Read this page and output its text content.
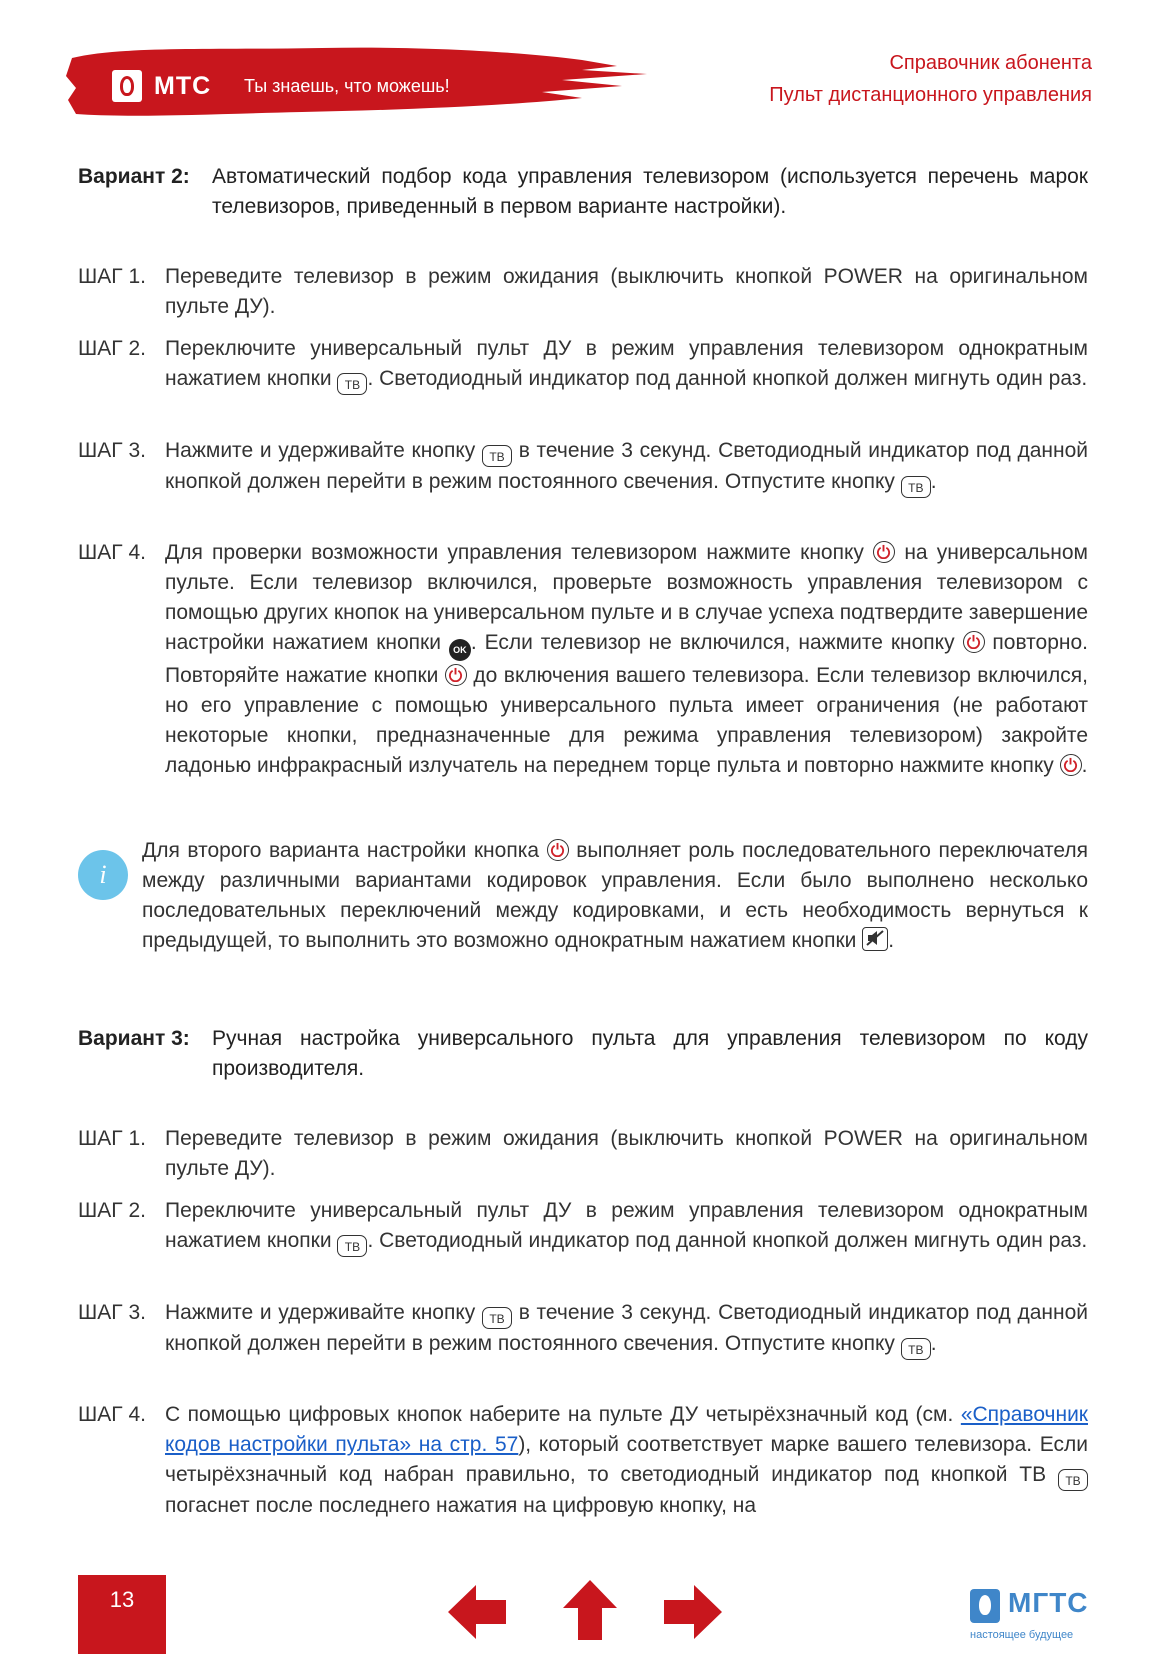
МТС Ты знаешь, что можешь!
Справочник абонента
Пульт дистанционного управления
Вариант 2: Автоматический подбор кода управления телевизором (используется перечень марок телевизоров, приведенный в первом варианте настройки).
ШАГ 1. Переведите телевизор в режим ожидания (выключить кнопкой POWER на оригинальном пульте ДУ).
ШАГ 2. Переключите универсальный пульт ДУ в режим управления телевизором однократным нажатием кнопки ТВ . Светодиодный индикатор под данной кнопкой должен мигнуть один раз.
ШАГ 3. Нажмите и удерживайте кнопку ТВ в течение 3 секунд. Светодиодный индикатор под данной кнопкой должен перейти в режим постоянного свечения. Отпустите кнопку ТВ .
ШАГ 4. Для проверки возможности управления телевизором нажмите кнопку на универсальном пульте. Если телевизор включился, проверьте возможность управления телевизором с помощью других кнопок на универсальном пульте и в случае успеха подтвердите завершение настройки нажатием кнопки OK . Если телевизор не включился, нажмите кнопку повторно. Повторяйте нажатие кнопки до включения вашего телевизора. Если телевизор включился, но его управление с помощью универсального пульта имеет ограничения (не работают некоторые кнопки, предназначенные для режима управления телевизором) закройте ладонью инфракрасный излучатель на переднем торце пульта и повторно нажмите кнопку .
i
Для второго варианта настройки кнопка выполняет роль последовательного переключателя между различными вариантами кодировок управления. Если было выполнено несколько последовательных переключений между кодировками, и есть необходимость вернуться к предыдущей, то выполнить это возможно однократным нажатием кнопки .
Вариант 3: Ручная настройка универсального пульта для управления телевизором по коду производителя.
ШАГ 1. Переведите телевизор в режим ожидания (выключить кнопкой POWER на оригинальном пульте ДУ).
ШАГ 2. Переключите универсальный пульт ДУ в режим управления телевизором однократным нажатием кнопки ТВ . Светодиодный индикатор под данной кнопкой должен мигнуть один раз.
ШАГ 3. Нажмите и удерживайте кнопку ТВ в течение 3 секунд. Светодиодный индикатор под данной кнопкой должен перейти в режим постоянного свечения. Отпустите кнопку ТВ .
ШАГ 4. С помощью цифровых кнопок наберите на пульте ДУ четырёхзначный код (см. «Справочник кодов настройки пульта» на стр. 57), который соответствует марке вашего телевизора. Если четырёхзначный код набран правильно, то светодиодный индикатор под кнопкой ТВ ТВ погаснет после последнего нажатия на цифровую кнопку, на
13	МГТС
настоящее будущее
